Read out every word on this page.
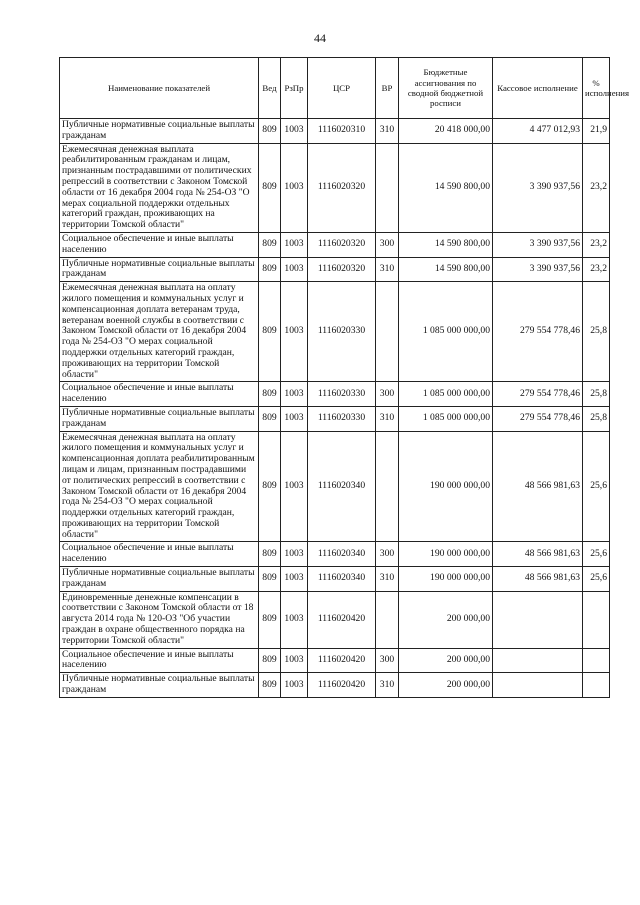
44
Наименование показателей	Вед	РзПр	ЦСР	ВР	Бюджетные ассигнования по сводной бюджетной росписи	Кассовое исполнение	% исполнения
Публичные нормативные социальные выплаты гражданам	809	1003	1116020310	310	20 418 000,00	4 477 012,93	21,9
Ежемесячная денежная выплата реабилитированным гражданам и лицам, признанным пострадавшими от политических репрессий в соответствии с Законом Томской области от 16 декабря 2004 года № 254-ОЗ "О мерах социальной поддержки отдельных категорий граждан, проживающих на территории Томской области"	809	1003	1116020320		14 590 800,00	3 390 937,56	23,2
Социальное обеспечение и иные выплаты населению	809	1003	1116020320	300	14 590 800,00	3 390 937,56	23,2
Публичные нормативные социальные выплаты гражданам	809	1003	1116020320	310	14 590 800,00	3 390 937,56	23,2
Ежемесячная денежная выплата на оплату жилого помещения и коммунальных услуг и компенсационная доплата ветеранам труда, ветеранам военной службы в соответствии с Законом Томской области от 16 декабря 2004 года № 254-ОЗ "О мерах социальной поддержки отдельных категорий граждан, проживающих на территории Томской области"	809	1003	1116020330		1 085 000 000,00	279 554 778,46	25,8
Социальное обеспечение и иные выплаты населению	809	1003	1116020330	300	1 085 000 000,00	279 554 778,46	25,8
Публичные нормативные социальные выплаты гражданам	809	1003	1116020330	310	1 085 000 000,00	279 554 778,46	25,8
Ежемесячная денежная выплата на оплату жилого помещения и коммунальных услуг и компенсационная доплата реабилитированным лицам и лицам, признанным пострадавшими от политических репрессий в соответствии с Законом Томской области от 16 декабря 2004 года № 254-ОЗ "О мерах социальной поддержки отдельных категорий граждан, проживающих на территории Томской области"	809	1003	1116020340		190 000 000,00	48 566 981,63	25,6
Социальное обеспечение и иные выплаты населению	809	1003	1116020340	300	190 000 000,00	48 566 981,63	25,6
Публичные нормативные социальные выплаты гражданам	809	1003	1116020340	310	190 000 000,00	48 566 981,63	25,6
Единовременные денежные компенсации в соответствии с Законом Томской области от 18 августа 2014 года № 120-ОЗ "Об участии граждан в охране общественного порядка на территории Томской области"	809	1003	1116020420		200 000,00		
Социальное обеспечение и иные выплаты населению	809	1003	1116020420	300	200 000,00		
Публичные нормативные социальные выплаты гражданам	809	1003	1116020420	310	200 000,00		
